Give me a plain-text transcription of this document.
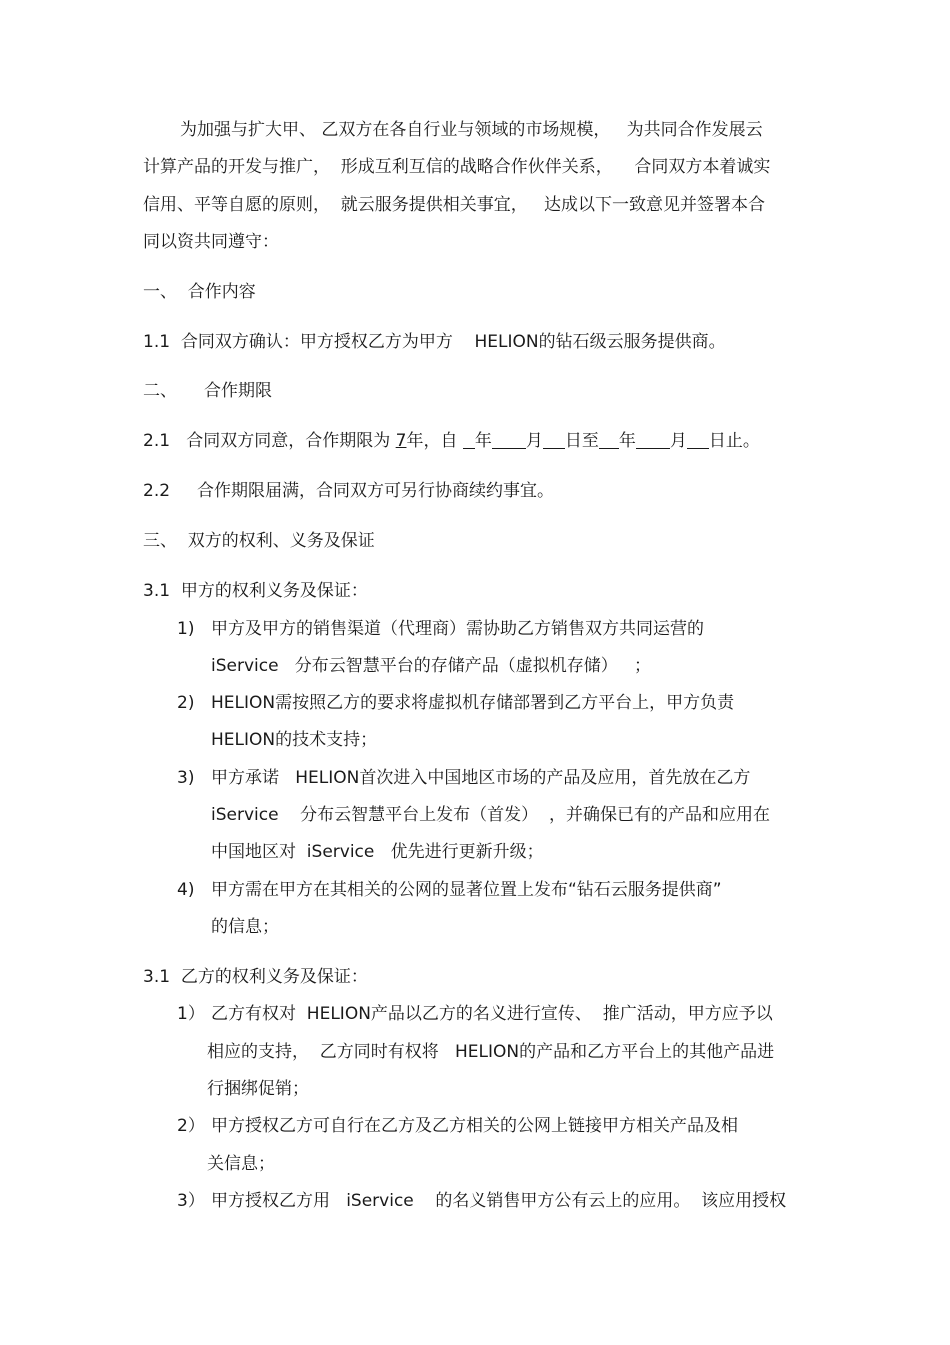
为加强与扩大甲、 乙双方在各自行业与领域的市场规模，   为共同合作发展云
计算产品的开发与推广，  形成互利互信的战略合作伙伴关系，    合同双方本着诚实
信用、平等自愿的原则，  就云服务提供相关事宜，   达成以下一致意见并签署本合
同以资共同遵守：
一、  合作内容
1.1  合同双方确认：甲方授权乙方为甲方    HELION的钻石级云服务提供商。
二、     合作期限
2.1   合同双方同意，合作期限为 7年，自 年 月 日至 年 月 日止。
2.2     合作期限届满，合同双方可另行协商续约事宜。
三、  双方的权利、义务及保证
3.1  甲方的权利义务及保证：
1) 甲方及甲方的销售渠道（代理商）需协助乙方销售双方共同运营的
iService   分布云智慧平台的存储产品（虚拟机存储）   ；
2) HELION需按照乙方的要求将虚拟机存储部署到乙方平台上，甲方负责
HELION的技术支持；
3) 甲方承诺   HELION首次进入中国地区市场的产品及应用，首先放在乙方
iService    分布云智慧平台上发布（首发）  ，并确保已有的产品和应用在
中国地区对  iService   优先进行更新升级；
4) 甲方需在甲方在其相关的公网的显著位置上发布“钻石云服务提供商”
的信息；
3.1  乙方的权利义务及保证：
1） 乙方有权对  HELION产品以乙方的名义进行宣传、  推广活动，甲方应予以
相应的支持，  乙方同时有权将   HELION的产品和乙方平台上的其他产品进
行捆绑促销；
2） 甲方授权乙方可自行在乙方及乙方相关的公网上链接甲方相关产品及相
关信息；
3） 甲方授权乙方用   iService    的名义销售甲方公有云上的应用。  该应用授权
